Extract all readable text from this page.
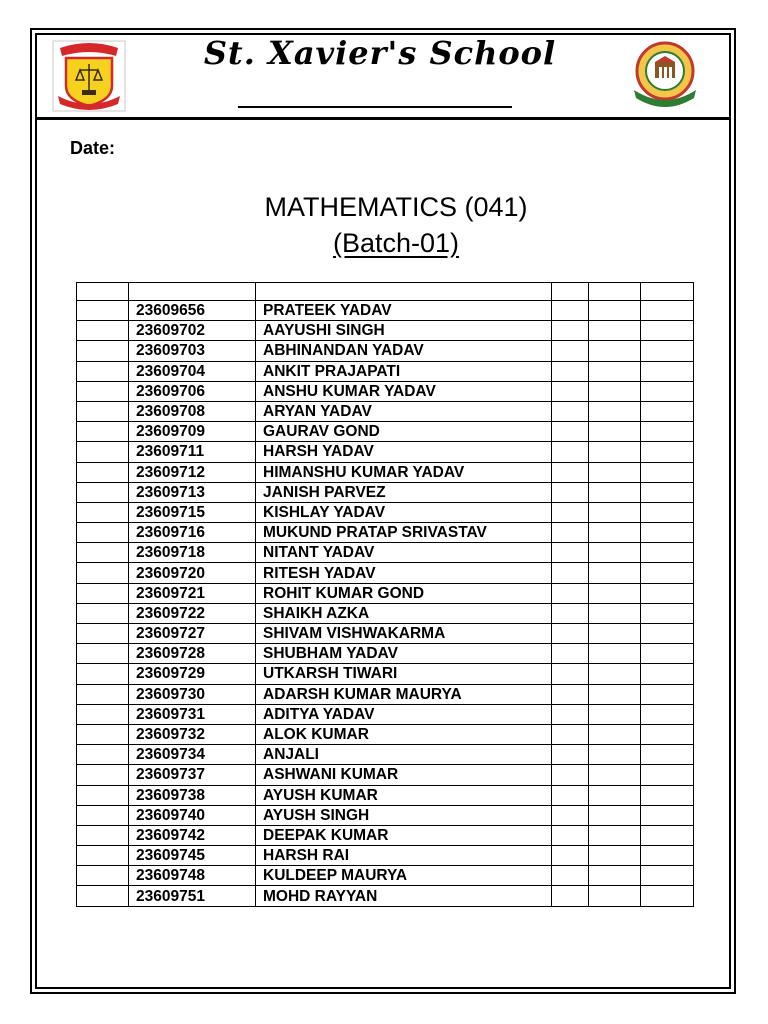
St. Xavier's School
Date:
MATHEMATICS (041)
(Batch-01)

	23609656	PRATEEK YADAV			
	23609702	AAYUSHI SINGH			
	23609703	ABHINANDAN YADAV			
	23609704	ANKIT PRAJAPATI			
	23609706	ANSHU KUMAR YADAV			
	23609708	ARYAN YADAV			
	23609709	GAURAV GOND			
	23609711	HARSH YADAV			
	23609712	HIMANSHU KUMAR YADAV			
	23609713	JANISH PARVEZ			
	23609715	KISHLAY YADAV			
	23609716	MUKUND PRATAP SRIVASTAV			
	23609718	NITANT YADAV			
	23609720	RITESH YADAV			
	23609721	ROHIT KUMAR GOND			
	23609722	SHAIKH AZKA			
	23609727	SHIVAM VISHWAKARMA			
	23609728	SHUBHAM YADAV			
	23609729	UTKARSH TIWARI			
	23609730	ADARSH KUMAR MAURYA			
	23609731	ADITYA YADAV			
	23609732	ALOK KUMAR			
	23609734	ANJALI			
	23609737	ASHWANI KUMAR			
	23609738	AYUSH KUMAR			
	23609740	AYUSH SINGH			
	23609742	DEEPAK KUMAR			
	23609745	HARSH RAI			
	23609748	KULDEEP MAURYA			
	23609751	MOHD RAYYAN			
